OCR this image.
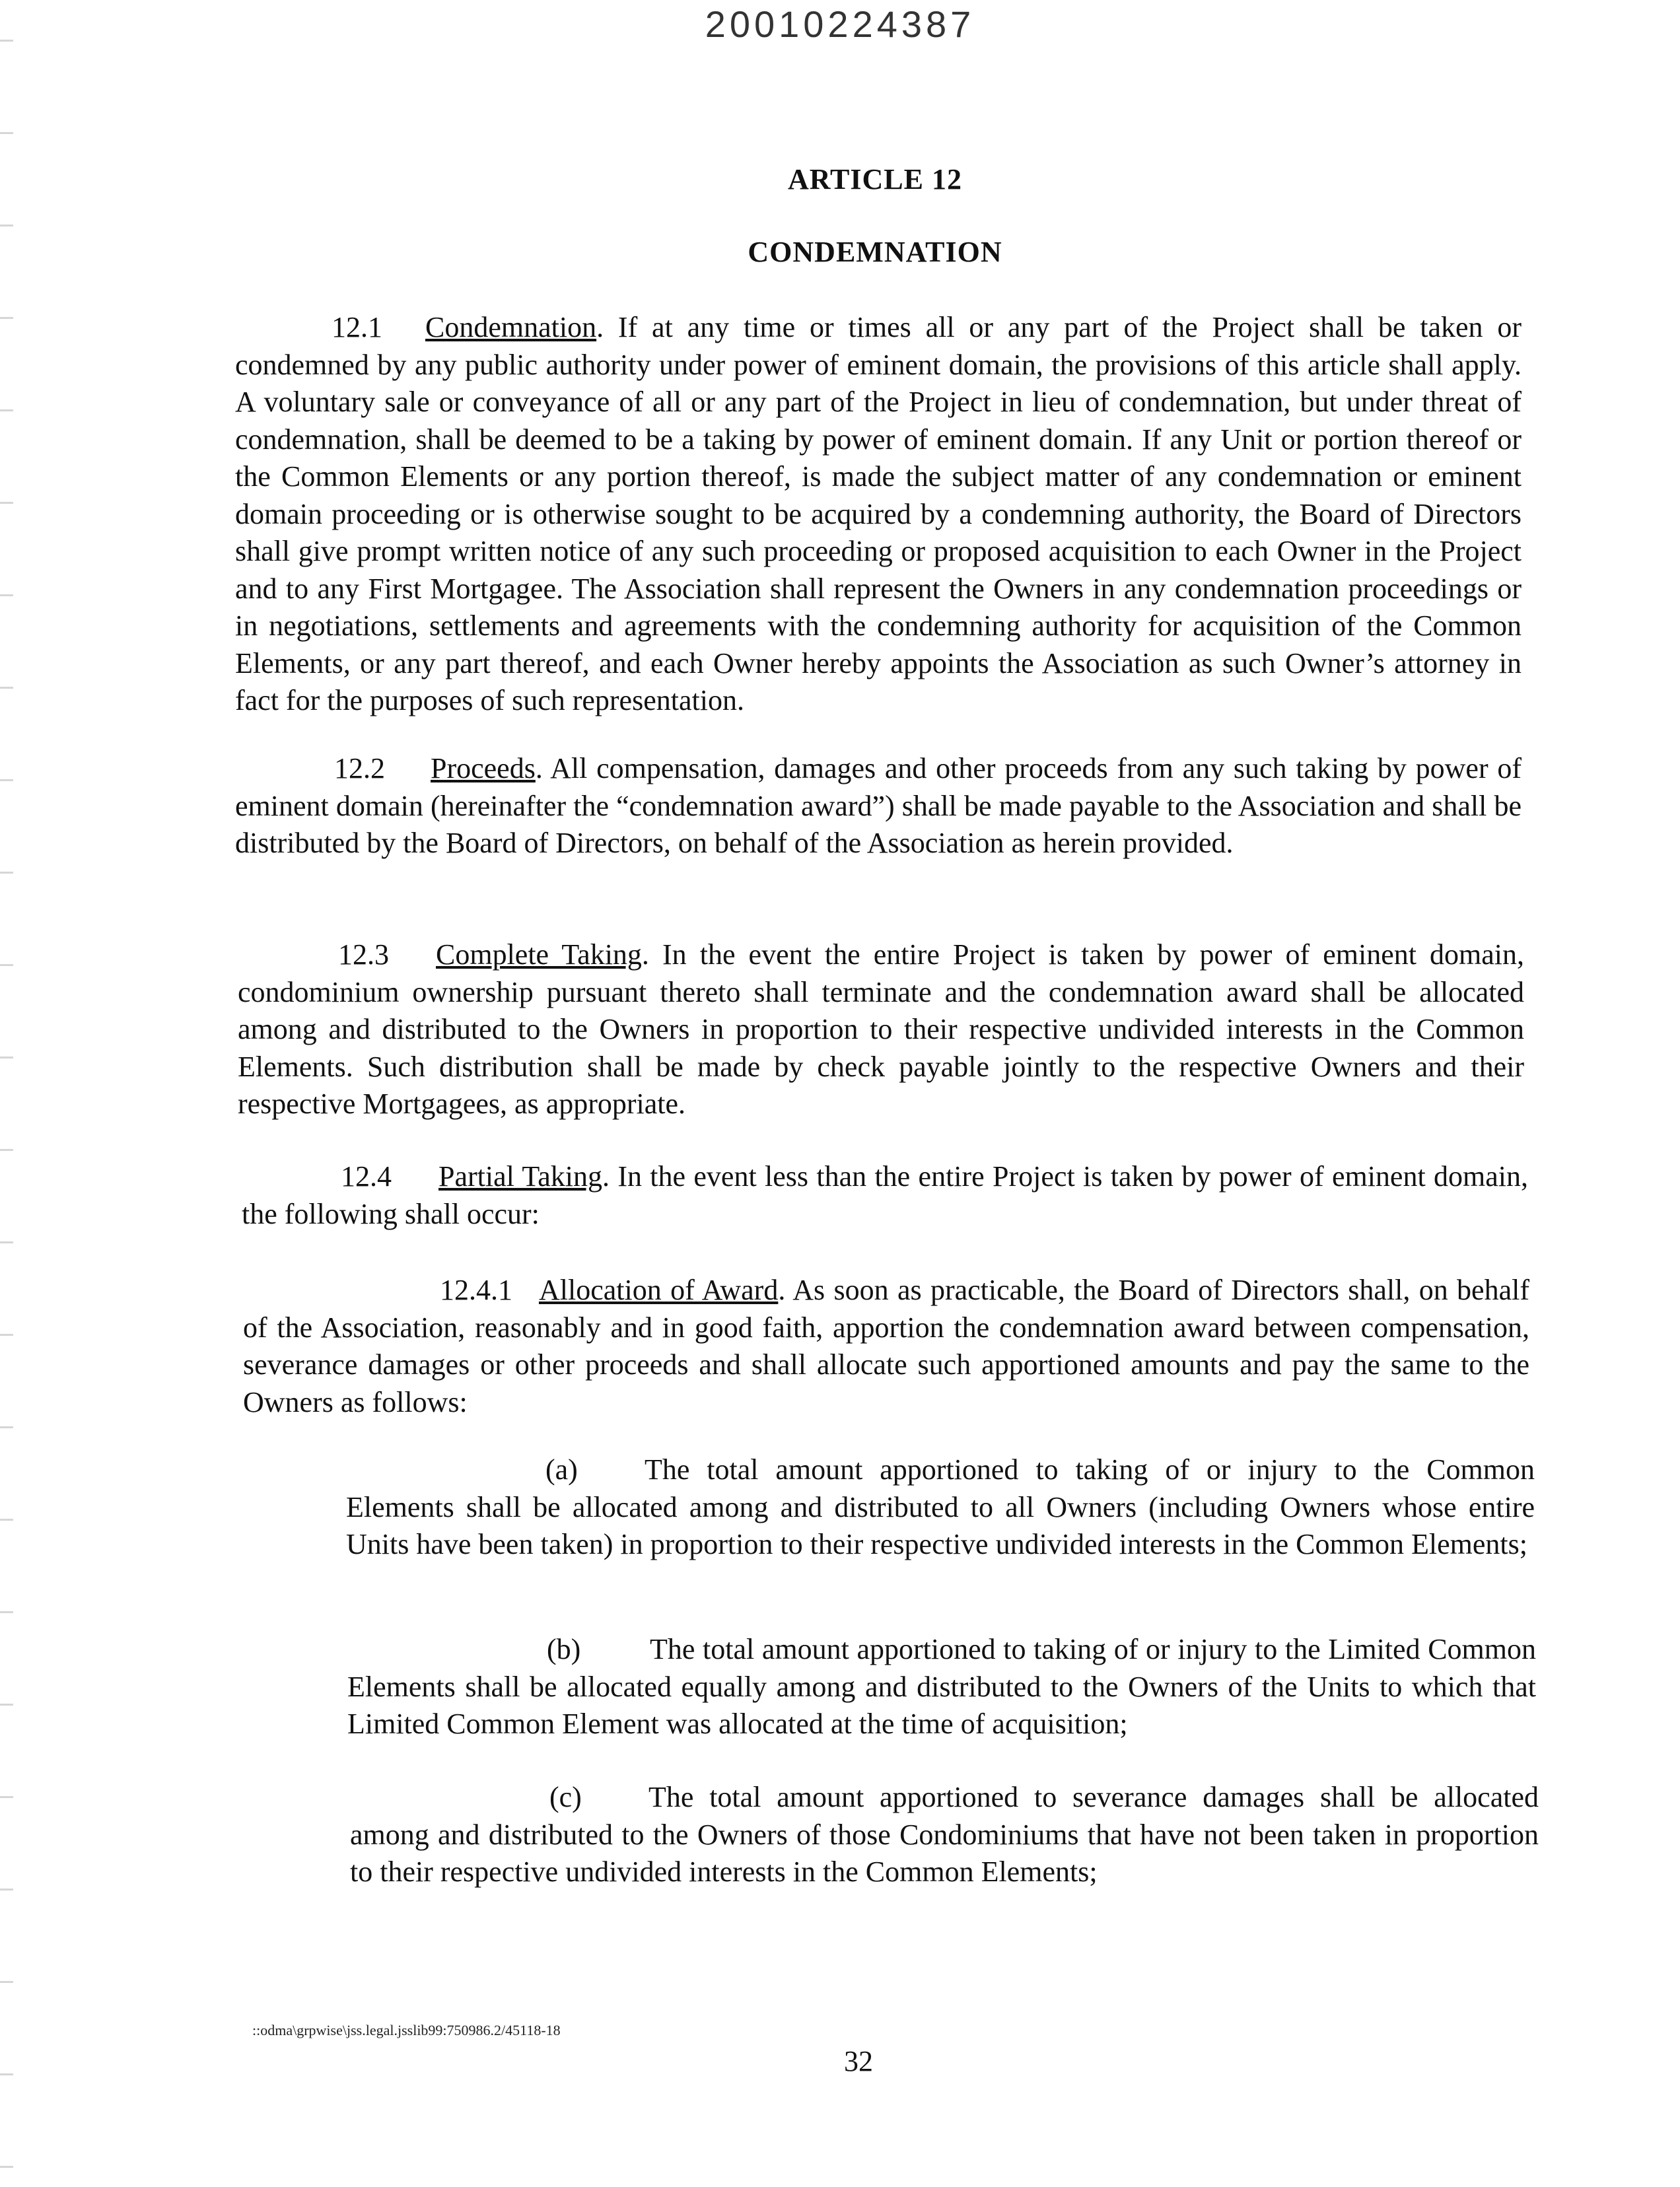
20010224387
ARTICLE 12
CONDEMNATION

12.1 Condemnation. If at any time or times all or any part of the Project shall be taken or condemned by any public authority under power of eminent domain, the provisions of this article shall apply. A voluntary sale or conveyance of all or any part of the Project in lieu of condemnation, but under threat of condemnation, shall be deemed to be a taking by power of eminent domain. If any Unit or portion thereof or the Common Elements or any portion thereof, is made the subject matter of any condemnation or eminent domain proceeding or is otherwise sought to be acquired by a condemning authority, the Board of Directors shall give prompt written notice of any such proceeding or proposed acquisition to each Owner in the Project and to any First Mortgagee. The Association shall represent the Owners in any condemnation proceedings or in negotiations, settlements and agreements with the condemning authority for acquisition of the Common Elements, or any part thereof, and each Owner hereby appoints the Association as such Owner’s attorney in fact for the purposes of such representation.

12.2 Proceeds. All compensation, damages and other proceeds from any such taking by power of eminent domain (hereinafter the “condemnation award”) shall be made payable to the Association and shall be distributed by the Board of Directors, on behalf of the Association as herein provided.

12.3 Complete Taking. In the event the entire Project is taken by power of eminent domain, condominium ownership pursuant thereto shall terminate and the condemnation award shall be allocated among and distributed to the Owners in proportion to their respective undivided interests in the Common Elements. Such distribution shall be made by check payable jointly to the respective Owners and their respective Mortgagees, as appropriate.

12.4 Partial Taking. In the event less than the entire Project is taken by power of eminent domain, the following shall occur:

12.4.1 Allocation of Award. As soon as practicable, the Board of Directors shall, on behalf of the Association, reasonably and in good faith, apportion the condemnation award between compensation, severance damages or other proceeds and shall allocate such apportioned amounts and pay the same to the Owners as follows:

(a) The total amount apportioned to taking of or injury to the Common Elements shall be allocated among and distributed to all Owners (including Owners whose entire Units have been taken) in proportion to their respective undivided interests in the Common Elements;

(b) The total amount apportioned to taking of or injury to the Limited Common Elements shall be allocated equally among and distributed to the Owners of the Units to which that Limited Common Element was allocated at the time of acquisition;

(c) The total amount apportioned to severance damages shall be allocated among and distributed to the Owners of those Condominiums that have not been taken in proportion to their respective undivided interests in the Common Elements;

::odma\grpwise\jss.legal.jsslib99:750986.2/45118-18
32
